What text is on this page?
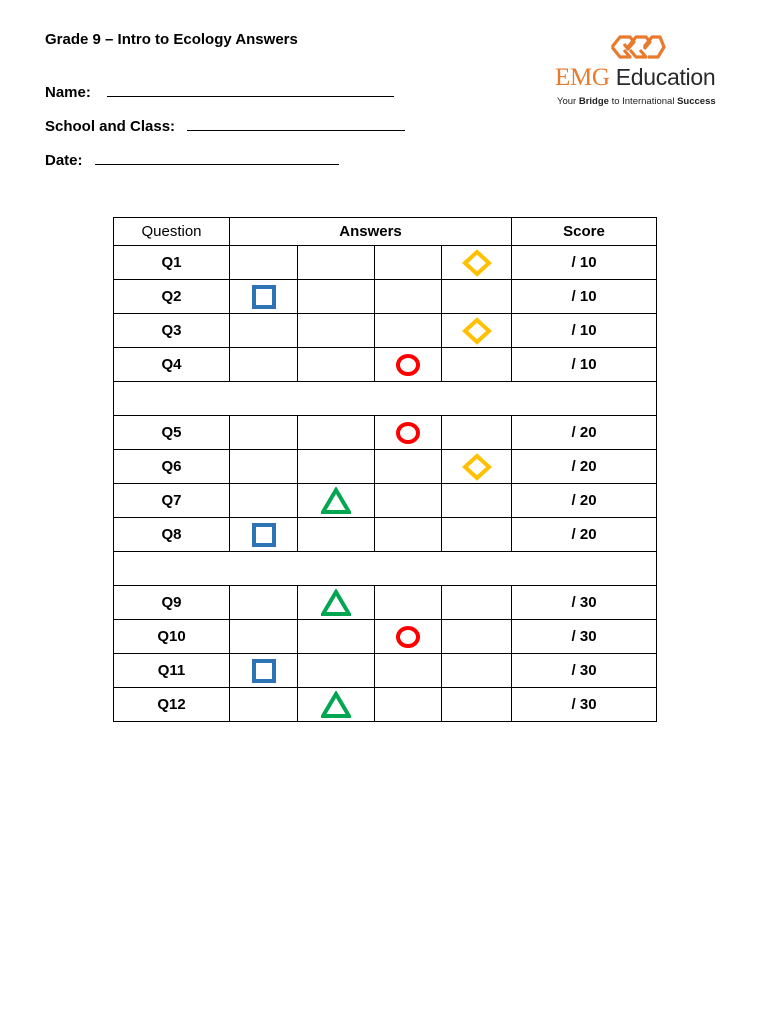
Grade 9 – Intro to Ecology Answers
Name:
School and Class:
Date:
EMG Education
Your Bridge to International Success
Question	Answers				Score
Q1					/ 10
Q2					/ 10
Q3					/ 10
Q4					/ 10

Q5					/ 20
Q6					/ 20
Q7					/ 20
Q8					/ 20

Q9					/ 30
Q10					/ 30
Q11					/ 30
Q12					/ 30
